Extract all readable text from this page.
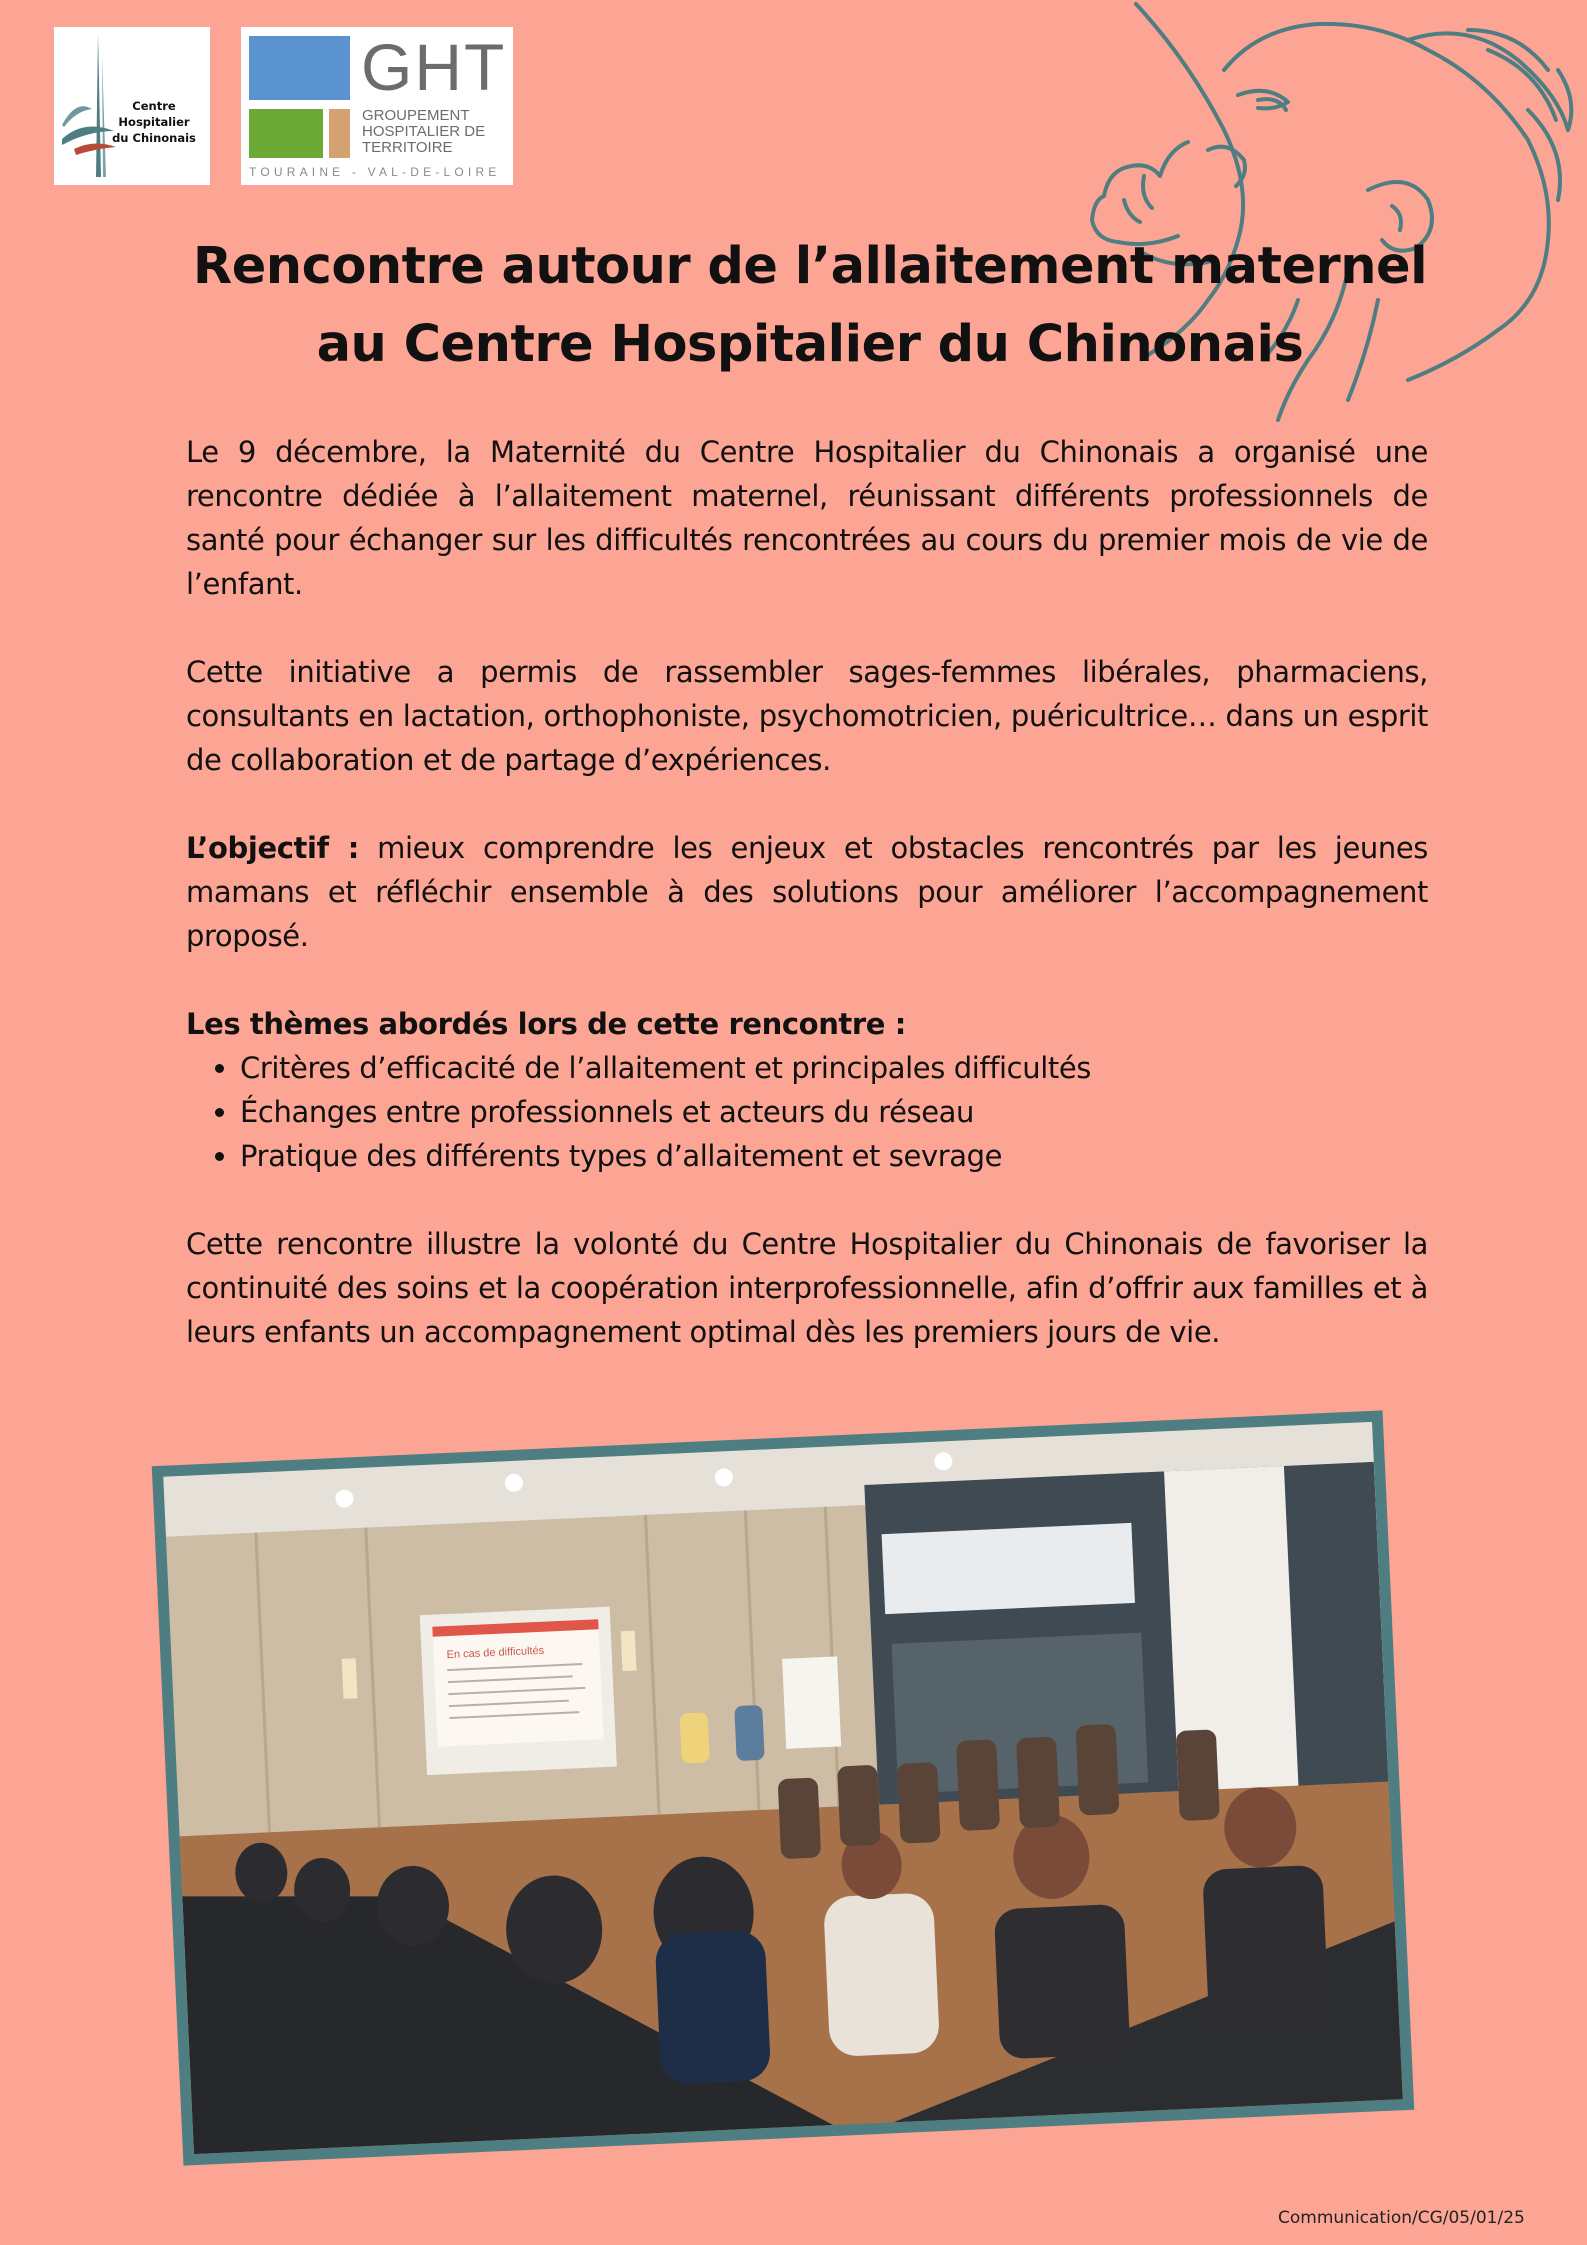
Centre Hospitalier
du Chinonais
GHT
GROUPEMENT
HOSPITALIER DE
TERRITOIRE
TOURAINE - VAL-DE-LOIRE
Rencontre autour de l’allaitement maternel
au Centre Hospitalier du Chinonais

Le 9 décembre, la Maternité du Centre Hospitalier du Chinonais a organisé une rencontre dédiée à l’allaitement maternel, réunissant différents professionnels de santé pour échanger sur les difficultés rencontrées au cours du premier mois de vie de l’enfant.

Cette initiative a permis de rassembler sages-femmes libérales, pharmaciens, consultants en lactation, orthophoniste, psychomotricien, puéricultrice… dans un esprit de collaboration et de partage d’expériences.

L’objectif : mieux comprendre les enjeux et obstacles rencontrés par les jeunes mamans et réfléchir ensemble à des solutions pour améliorer l’accompagnement proposé.

Les thèmes abordés lors de cette rencontre :

• Critères d’efficacité de l’allaitement et principales difficultés
• Échanges entre professionnels et acteurs du réseau
• Pratique des différents types d’allaitement et sevrage

Cette rencontre illustre la volonté du Centre Hospitalier du Chinonais de favoriser la continuité des soins et la coopération interprofessionnelle, afin d’offrir aux familles et à leurs enfants un accompagnement optimal dès les premiers jours de vie.

En cas de difficultés
Communication/CG/05/01/25
